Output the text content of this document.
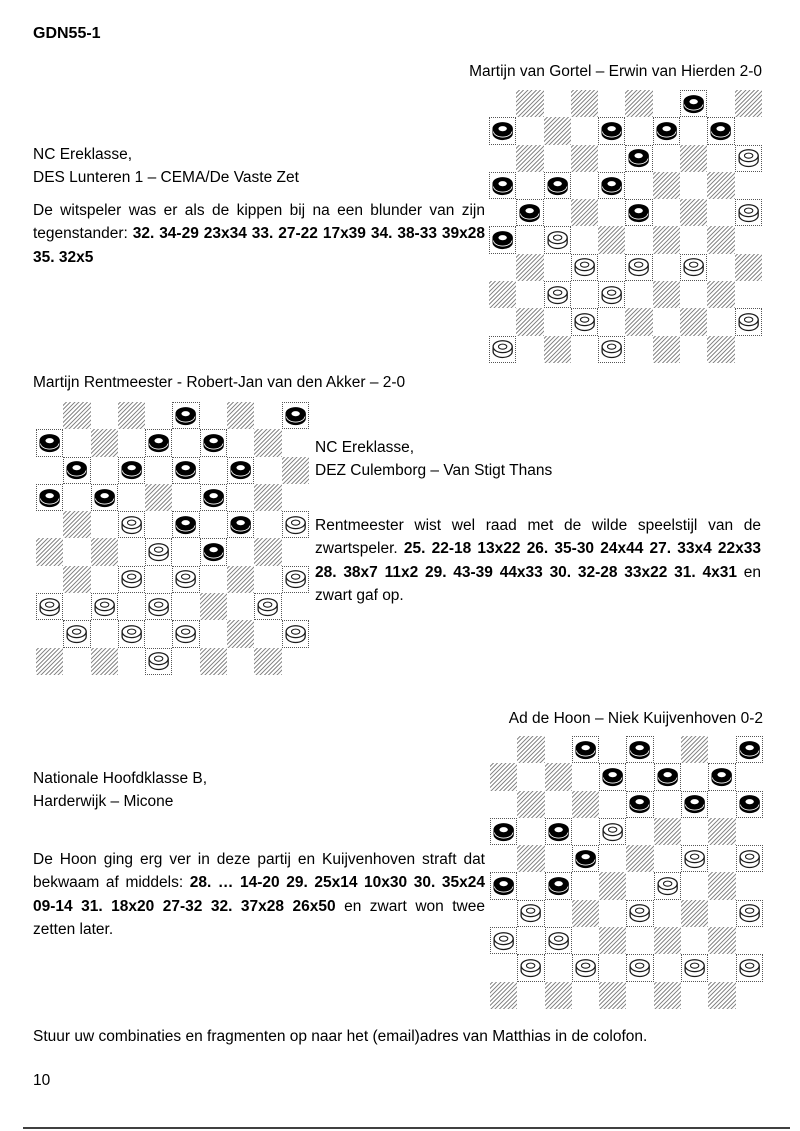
GDN55-1
Martijn van Gortel – Erwin van Hierden 2-0
NC Ereklasse,
DES Lunteren 1 – CEMA/De Vaste Zet
De witspeler was er als de kippen bij na een blunder van zijn tegenstander: 32. 34-29 23x34 33. 27-22 17x39 34. 38-33 39x28 35. 32x5
Martijn Rentmeester - Robert-Jan van den Akker – 2-0
NC Ereklasse,
DEZ Culemborg – Van Stigt Thans
Rentmeester wist wel raad met de wilde speelstijl van de zwartspeler. 25. 22-18 13x22 26. 35-30 24x44 27. 33x4 22x33 28. 38x7 11x2 29. 43-39 44x33 30. 32-28 33x22 31. 4x31 en zwart gaf op.
Ad de Hoon – Niek Kuijvenhoven 0-2
Nationale Hoofdklasse B,
Harderwijk – Micone
De Hoon ging erg ver in deze partij en Kuijvenhoven straft dat bekwaam af middels: 28. … 14-20 29. 25x14 10x30 30. 35x24 09-14 31. 18x20 27-32 32. 37x28 26x50 en zwart won twee zetten later.
Stuur uw combinaties en fragmenten op naar het (email)adres van Matthias in de colofon.
10
